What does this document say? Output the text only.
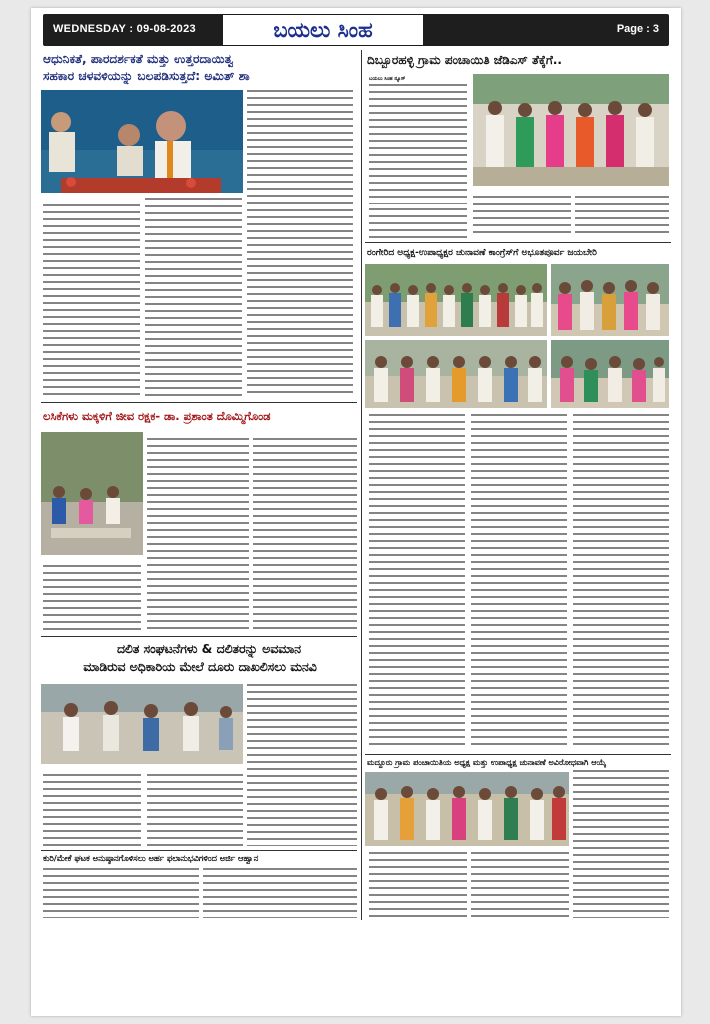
WEDNESDAY : 09-08-2023	ಬಯಲು ಸಿಂಹ	Page : 3
ಆಧುನಿಕತೆ, ಪಾರದರ್ಶಕತೆ ಮತ್ತು ಉತ್ತರದಾಯಿತ್ವ
ಸಹಕಾರ ಚಳವಳಿಯನ್ನು ಬಲಪಡಿಸುತ್ತದೆ: ಅಮಿತ್ ಶಾ
ಲಸಿಕೆಗಳು ಮಕ್ಕಳಿಗೆ ಜೀವ ರಕ್ಷಕ- ಡಾ. ಪ್ರಶಾಂತ ದೊಮ್ಮಿಗೊಂಡ
ದಲಿತ ಸಂಘಟನೆಗಳು & ದಲಿತರನ್ನು ಅವಮಾನ
ಮಾಡಿರುವ ಅಧಿಕಾರಿಯ ಮೇಲೆ ದೂರು ದಾಖಲಿಸಲು ಮನವಿ
ಕುರಿ/ಮೇಕೆ ಘಟಕ ಅನುಷ್ಠಾನಗೊಳಿಸಲು ಅರ್ಹ ಫಲಾನುಭವಿಗಳಿಂದ ಅರ್ಜಿ ಆಹ್ವಾನ
ದಿಬ್ಬೂರಹಳ್ಳಿ ಗ್ರಾಮ ಪಂಚಾಯಿತಿ ಜೆಡಿಎಸ್ ತೆಕ್ಕೆಗೆ..
ಬಯಲು ಸಿಂಹ ನ್ಯೂಸ್
ರಂಗೇರಿದ ಅಧ್ಯಕ್ಷ-ಉಪಾಧ್ಯಕ್ಷರ ಚುನಾವಣೆ ಕಾಂಗ್ರೆಸ್‌ಗೆ ಅಭೂತಪೂರ್ವ ಜಯಬೇರಿ
ಮದ್ದೂರು ಗ್ರಾಮ ಪಂಚಾಯಿತಿಯ ಅಧ್ಯಕ್ಷ ಮತ್ತು ಉಪಾಧ್ಯಕ್ಷ ಚುನಾವಣೆ ಅವಿರೋಧವಾಗಿ ಆಯ್ಕೆ
